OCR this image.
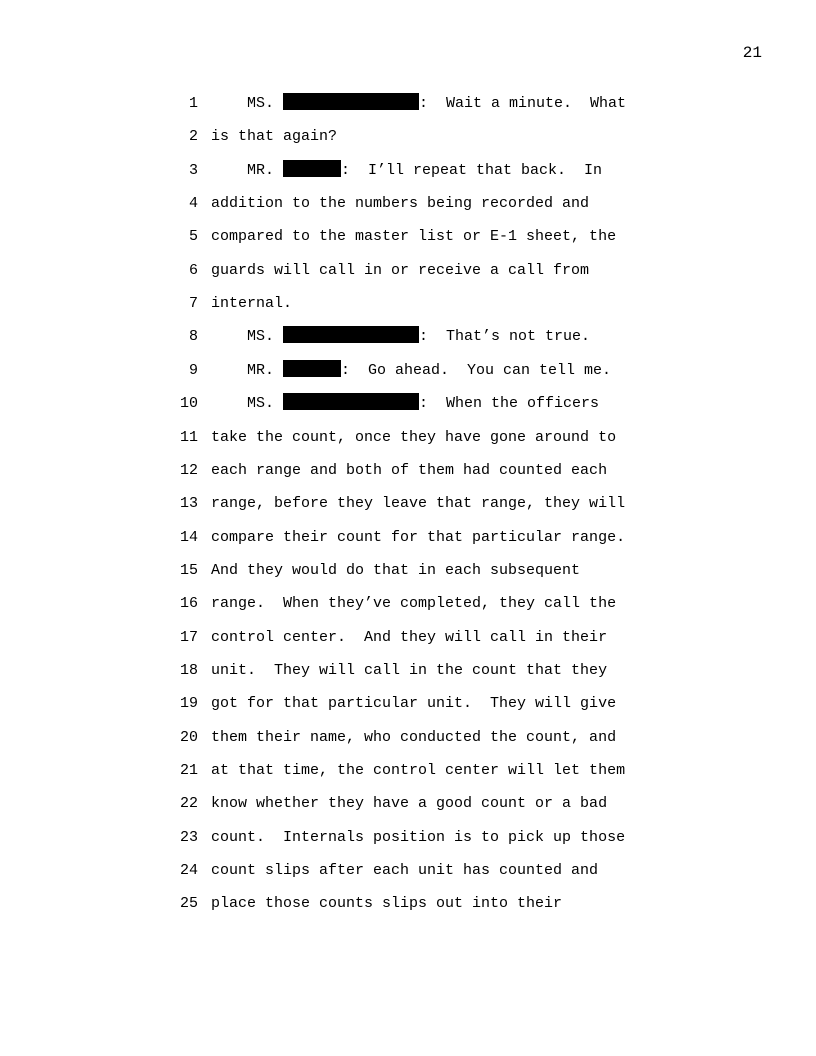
21
1 MS.	:  Wait a minute.  What
2 is that again?
3 MR.	:  I’ll repeat that back.  In
4 addition to the numbers being recorded and
5 compared to the master list or E-1 sheet, the
6 guards will call in or receive a call from
7 internal.
8 MS.	:  That’s not true.
9 MR.	:  Go ahead.  You can tell me.
10 MS.	:  When the officers
11 take the count, once they have gone around to
12 each range and both of them had counted each
13 range, before they leave that range, they will
14 compare their count for that particular range.
15 And they would do that in each subsequent
16 range.  When they’ve completed, they call the
17 control center.  And they will call in their
18 unit.  They will call in the count that they
19 got for that particular unit.  They will give
20 them their name, who conducted the count, and
21 at that time, the control center will let them
22 know whether they have a good count or a bad
23 count.  Internals position is to pick up those
24 count slips after each unit has counted and
25 place those counts slips out into their
